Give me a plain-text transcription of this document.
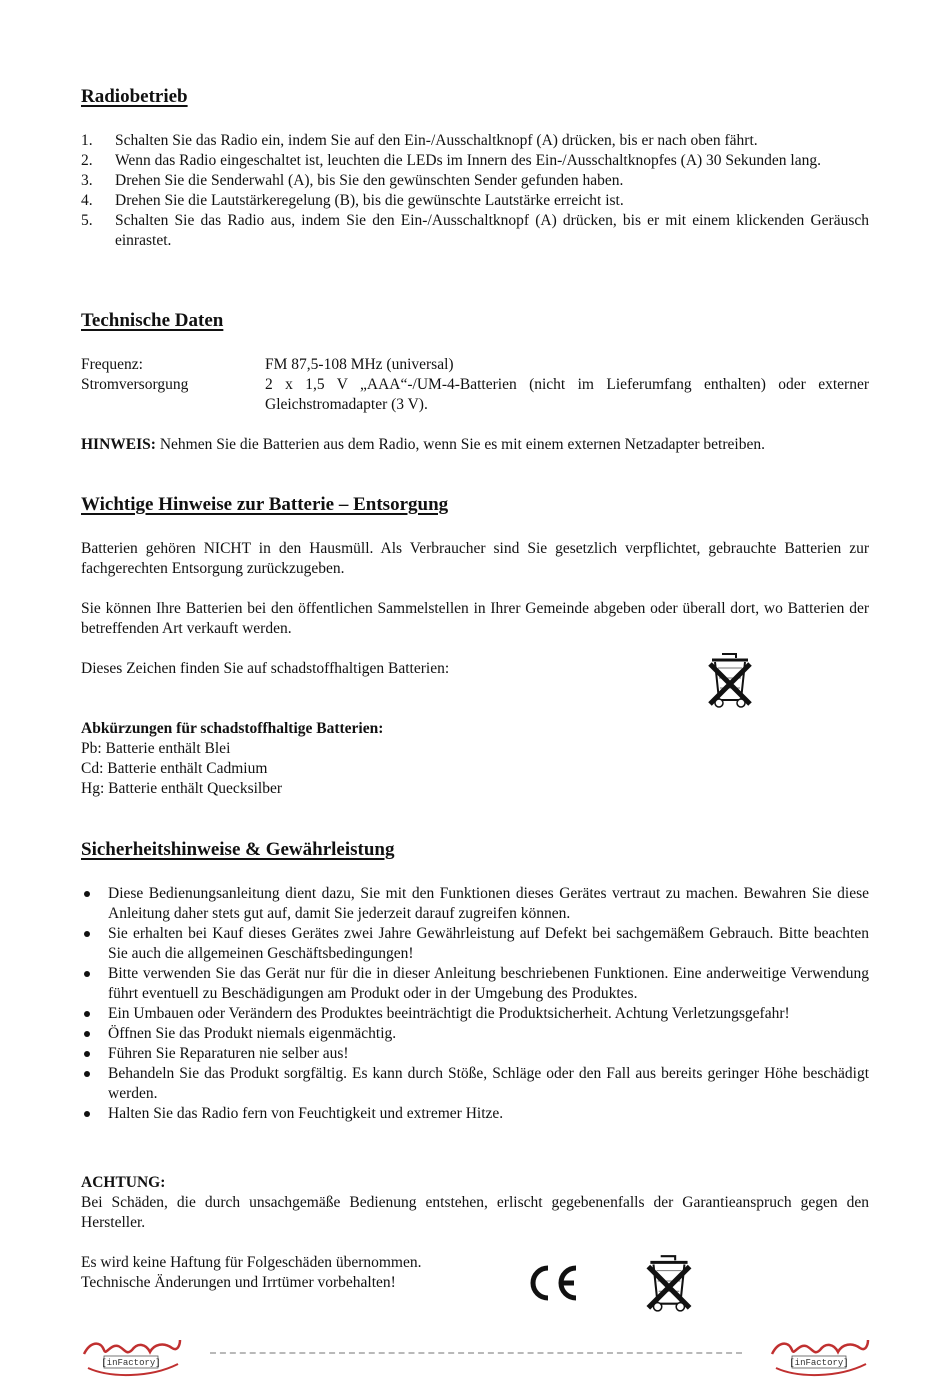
Radiobetrieb
1. Schalten Sie das Radio ein, indem Sie auf den Ein-/Ausschaltknopf (A) drücken, bis er nach oben fährt.
2. Wenn das Radio eingeschaltet ist, leuchten die LEDs im Innern des Ein-/Ausschaltknopfes (A) 30 Sekunden lang.
3. Drehen Sie die Senderwahl (A), bis Sie den gewünschten Sender gefunden haben.
4. Drehen Sie die Lautstärkeregelung (B), bis die gewünschte Lautstärke erreicht ist.
5. Schalten Sie das Radio aus, indem Sie den Ein-/Ausschaltknopf (A) drücken, bis er mit einem klickenden Geräusch einrastet.
Technische Daten
Frequenz:	FM 87,5-108 MHz (universal)
Stromversorgung	2 x 1,5 V „AAA“-/UM-4-Batterien (nicht im Lieferumfang enthalten) oder externer Gleichstromadapter (3 V).
HINWEIS: Nehmen Sie die Batterien aus dem Radio, wenn Sie es mit einem externen Netzadapter betreiben.
Wichtige Hinweise zur Batterie – Entsorgung
Batterien gehören NICHT in den Hausmüll. Als Verbraucher sind Sie gesetzlich verpflichtet, gebrauchte Batterien zur fachgerechten Entsorgung zurückzugeben.
Sie können Ihre Batterien bei den öffentlichen Sammelstellen in Ihrer Gemeinde abgeben oder überall dort, wo Batterien der betreffenden Art verkauft werden.
Dieses Zeichen finden Sie auf schadstoffhaltigen Batterien:
Abkürzungen für schadstoffhaltige Batterien:
Pb: Batterie enthält Blei
Cd: Batterie enthält Cadmium
Hg: Batterie enthält Quecksilber
Sicherheitshinweise & Gewährleistung
Diese Bedienungsanleitung dient dazu, Sie mit den Funktionen dieses Gerätes vertraut zu machen. Bewahren Sie diese Anleitung daher stets gut auf, damit Sie jederzeit darauf zugreifen können.
Sie erhalten bei Kauf dieses Gerätes zwei Jahre Gewährleistung auf Defekt bei sachgemäßem Gebrauch. Bitte beachten Sie auch die allgemeinen Geschäftsbedingungen!
Bitte verwenden Sie das Gerät nur für die in dieser Anleitung beschriebenen Funktionen. Eine anderweitige Verwendung führt eventuell zu Beschädigungen am Produkt oder in der Umgebung des Produktes.
Ein Umbauen oder Verändern des Produktes beeinträchtigt die Produktsicherheit. Achtung Verletzungsgefahr!
Öffnen Sie das Produkt niemals eigenmächtig.
Führen Sie Reparaturen nie selber aus!
Behandeln Sie das Produkt sorgfältig. Es kann durch Stöße, Schläge oder den Fall aus bereits geringer Höhe beschädigt werden.
Halten Sie das Radio fern von Feuchtigkeit und extremer Hitze.
ACHTUNG:
Bei Schäden, die durch unsachgemäße Bedienung entstehen, erlischt gegebenenfalls der Garantieanspruch gegen den Hersteller.
Es wird keine Haftung für Folgeschäden übernommen.
Technische Änderungen und Irrtümer vorbehalten!
[inFactory]	[inFactory]
